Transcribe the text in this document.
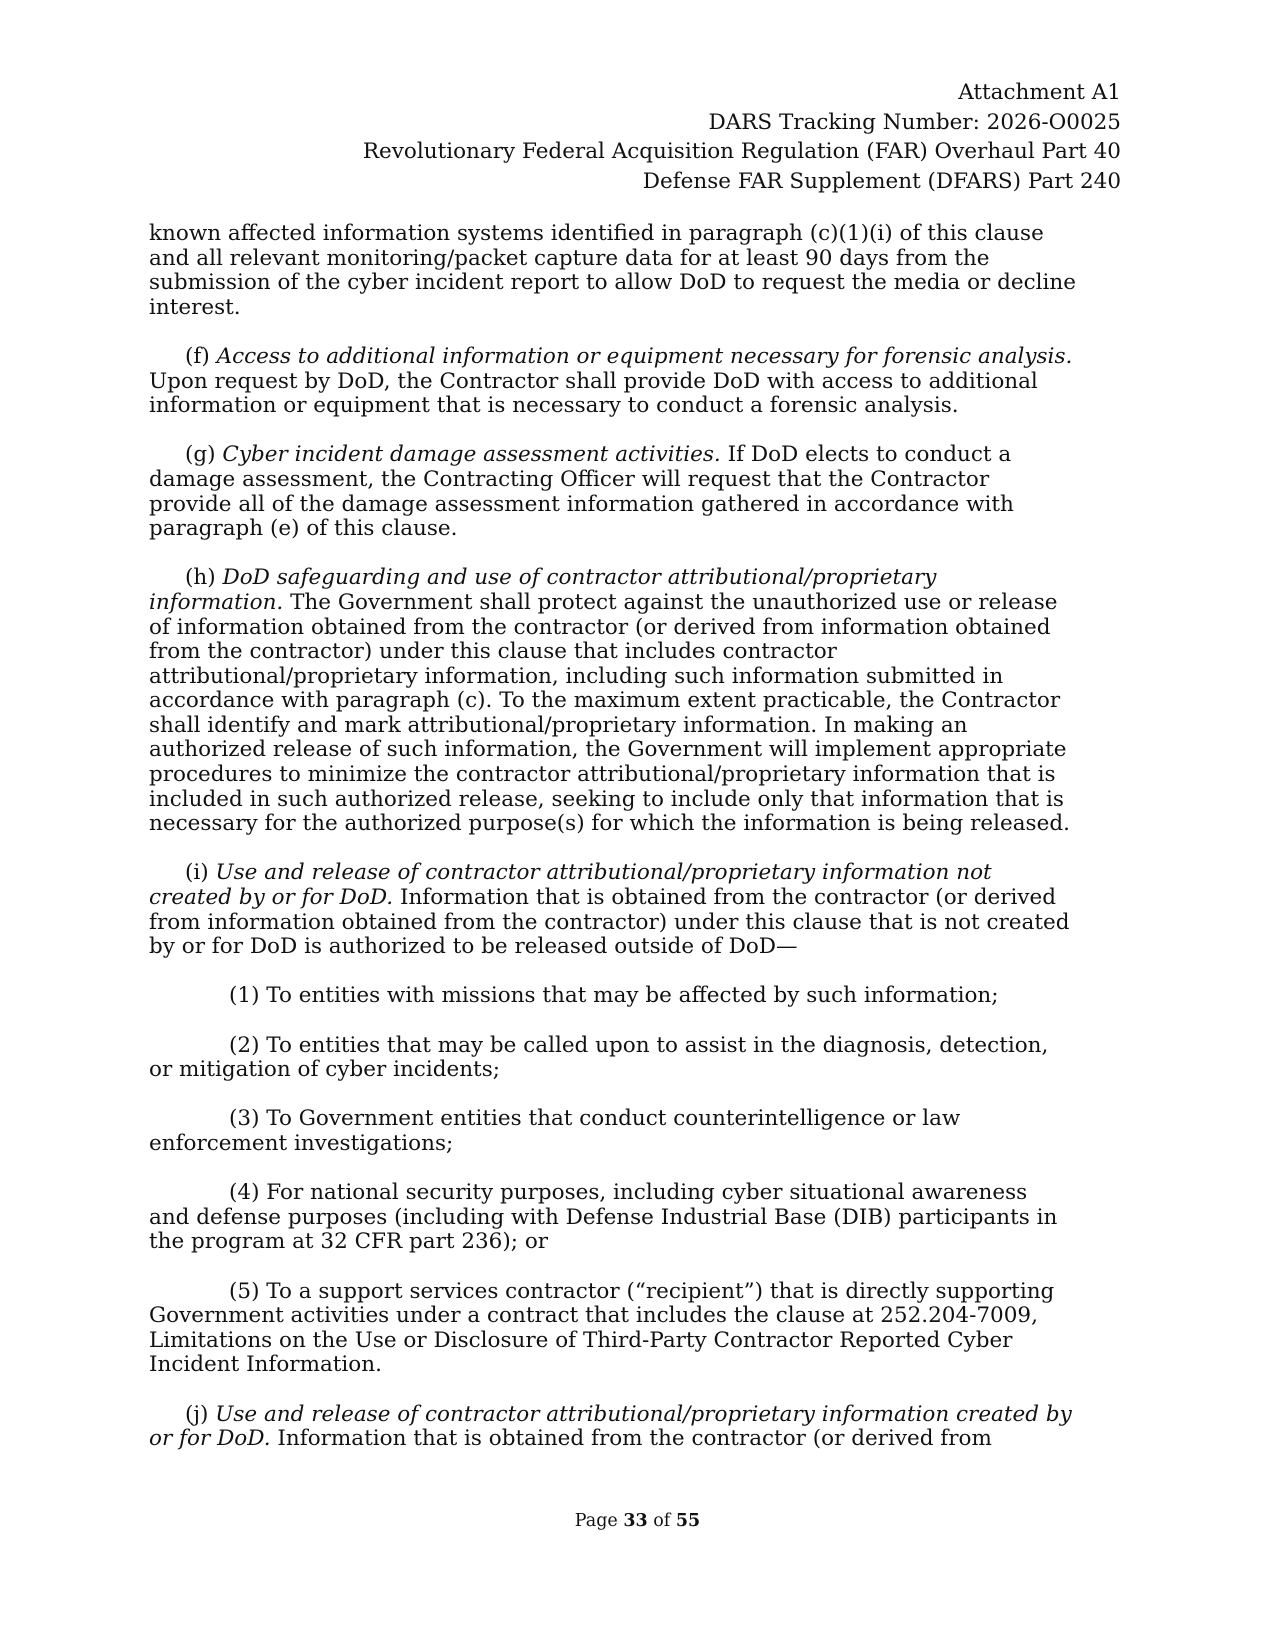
Attachment A1
DARS Tracking Number: 2026-O0025
Revolutionary Federal Acquisition Regulation (FAR) Overhaul Part 40
Defense FAR Supplement (DFARS) Part 240

known affected information systems identified in paragraph (c)(1)(i) of this clause
and all relevant monitoring/packet capture data for at least 90 days from the
submission of the cyber incident report to allow DoD to request the media or decline
interest.

(f) Access to additional information or equipment necessary for forensic analysis.
Upon request by DoD, the Contractor shall provide DoD with access to additional
information or equipment that is necessary to conduct a forensic analysis.

(g) Cyber incident damage assessment activities. If DoD elects to conduct a
damage assessment, the Contracting Officer will request that the Contractor
provide all of the damage assessment information gathered in accordance with
paragraph (e) of this clause.

(h) DoD safeguarding and use of contractor attributional/proprietary
information. The Government shall protect against the unauthorized use or release
of information obtained from the contractor (or derived from information obtained
from the contractor) under this clause that includes contractor
attributional/proprietary information, including such information submitted in
accordance with paragraph (c). To the maximum extent practicable, the Contractor
shall identify and mark attributional/proprietary information. In making an
authorized release of such information, the Government will implement appropriate
procedures to minimize the contractor attributional/proprietary information that is
included in such authorized release, seeking to include only that information that is
necessary for the authorized purpose(s) for which the information is being released.

(i) Use and release of contractor attributional/proprietary information not
created by or for DoD. Information that is obtained from the contractor (or derived
from information obtained from the contractor) under this clause that is not created
by or for DoD is authorized to be released outside of DoD—

(1) To entities with missions that may be affected by such information;

(2) To entities that may be called upon to assist in the diagnosis, detection,
or mitigation of cyber incidents;

(3) To Government entities that conduct counterintelligence or law
enforcement investigations;

(4) For national security purposes, including cyber situational awareness
and defense purposes (including with Defense Industrial Base (DIB) participants in
the program at 32 CFR part 236); or

(5) To a support services contractor (“recipient”) that is directly supporting
Government activities under a contract that includes the clause at 252.204-7009,
Limitations on the Use or Disclosure of Third-Party Contractor Reported Cyber
Incident Information.

(j) Use and release of contractor attributional/proprietary information created by
or for DoD. Information that is obtained from the contractor (or derived from

Page 33 of 55
